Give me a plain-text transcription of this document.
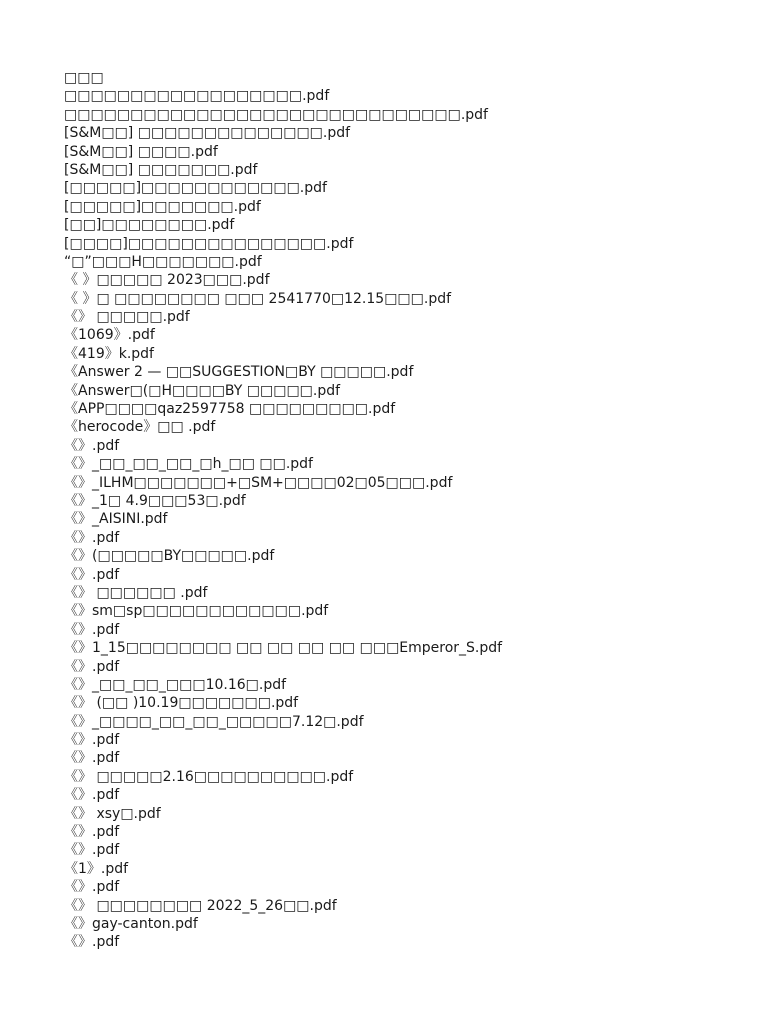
□□□
□□□□□□□□□□□□□□□□□□.pdf
□□□□□□□□□□□□□□□□□□□□□□□□□□□□□□.pdf
[S&M□□] □□□□□□□□□□□□□□.pdf
[S&M□□] □□□□.pdf
[S&M□□] □□□□□□□.pdf
[□□□□□]□□□□□□□□□□□□.pdf
[□□□□□]□□□□□□□.pdf
[□□]□□□□□□□□.pdf
[□□□□]□□□□□□□□□□□□□□□.pdf
“□”□□□H□□□□□□□.pdf
《 》□□□□□ 2023□□□.pdf
《 》□ □□□□□□□□ □□□ 2541770□12.15□□□.pdf
《》 □□□□□.pdf
《1069》.pdf
《419》k.pdf
《Answer 2 — □□SUGGESTION□BY □□□□□.pdf
《Answer□(□H□□□□BY □□□□□.pdf
《APP□□□□qaz2597758 □□□□□□□□□.pdf
《herocode》□□ .pdf
《》.pdf
《》_□□_□□_□□_□h_□□ □□.pdf
《》_ILHM□□□□□□□+□SM+□□□□02□05□□□.pdf
《》_1□ 4.9□□□53□.pdf
《》_AISINI.pdf
《》.pdf
《》(□□□□□BY□□□□□.pdf
《》.pdf
《》 □□□□□□ .pdf
《》sm□sp□□□□□□□□□□□□.pdf
《》.pdf
《》1_15□□□□□□□□ □□ □□ □□ □□ □□□Emperor_S.pdf
《》.pdf
《》_□□_□□_□□□10.16□.pdf
《》 (□□ )10.19□□□□□□□.pdf
《》_□□□□_□□_□□_□□□□□7.12□.pdf
《》.pdf
《》.pdf
《》 □□□□□2.16□□□□□□□□□□.pdf
《》.pdf
《》 xsy□.pdf
《》.pdf
《》.pdf
《1》.pdf
《》.pdf
《》 □□□□□□□□ 2022_5_26□□.pdf
《》gay-canton.pdf
《》.pdf
